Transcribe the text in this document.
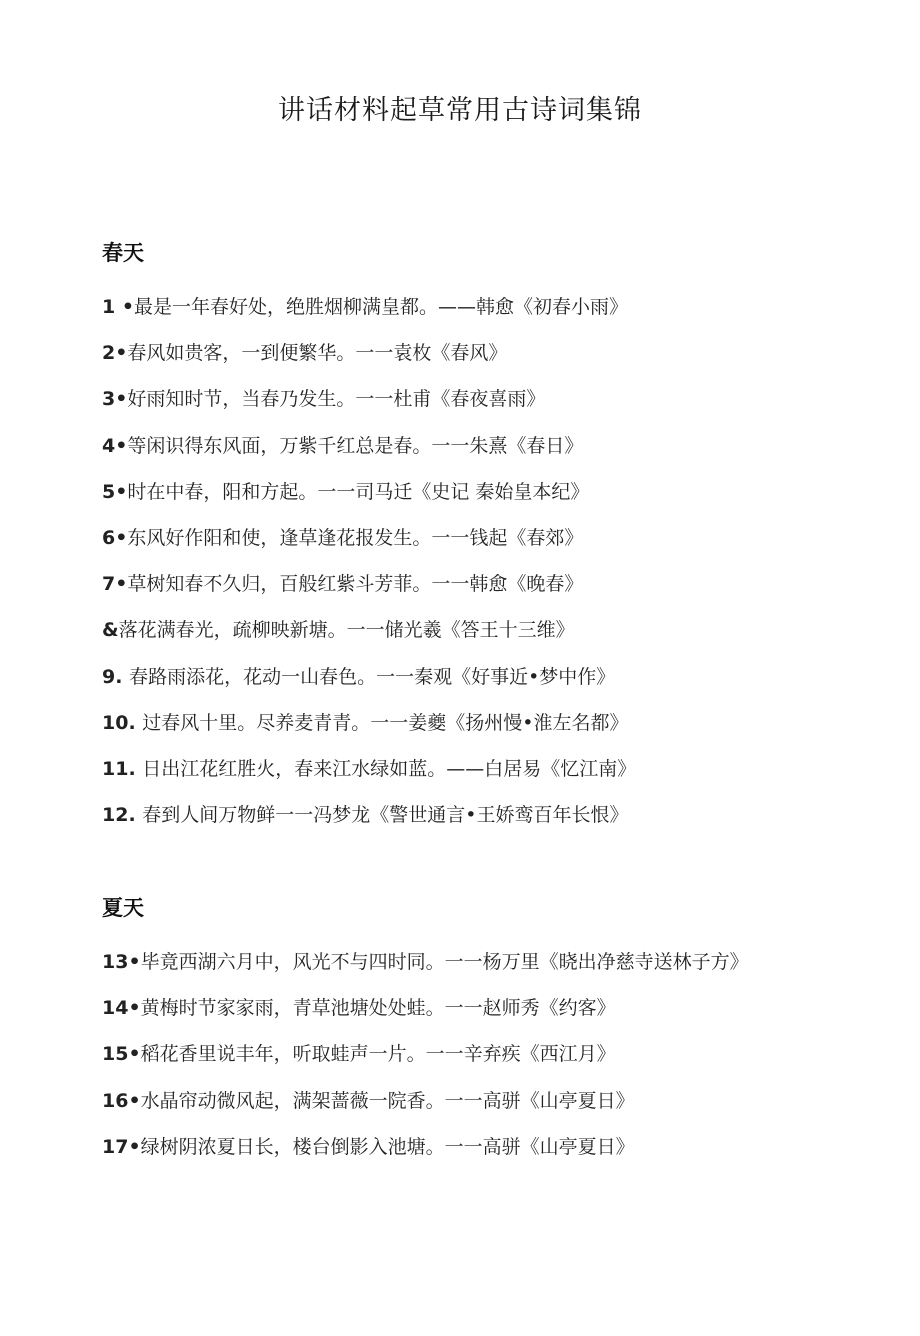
讲话材料起草常用古诗词集锦
春天
1 •最是一年春好处，绝胜烟柳满皇都。——韩愈《初春小雨》
2•春风如贵客，一到便繁华。一一袁枚《春风》
3•好雨知时节，当春乃发生。一一杜甫《春夜喜雨》
4•等闲识得东风面，万紫千红总是春。一一朱熹《春日》
5•时在中春，阳和方起。一一司马迁《史记 秦始皇本纪》
6•东风好作阳和使，逢草逢花报发生。一一钱起《春郊》
7•草树知春不久归，百般红紫斗芳菲。一一韩愈《晚春》
&落花满春光，疏柳映新塘。一一储光羲《答王十三维》
9. 春路雨添花，花动一山春色。一一秦观《好事近•梦中作》
10. 过春风十里。尽养麦青青。一一姜夔《扬州慢•淮左名都》
11. 日出江花红胜火，春来江水绿如蓝。——白居易《忆江南》
12. 春到人间万物鲜一一冯梦龙《警世通言•王娇鸾百年长恨》
夏天
13•毕竟西湖六月中，风光不与四时同。一一杨万里《晓出净慈寺送林子方》
14•黄梅时节家家雨，青草池塘处处蛙。一一赵师秀《约客》
15•稻花香里说丰年，听取蛙声一片。一一辛弃疾《西江月》
16•水晶帘动微风起，满架蔷薇一院香。一一高骈《山亭夏日》
17•绿树阴浓夏日长，楼台倒影入池塘。一一高骈《山亭夏日》
